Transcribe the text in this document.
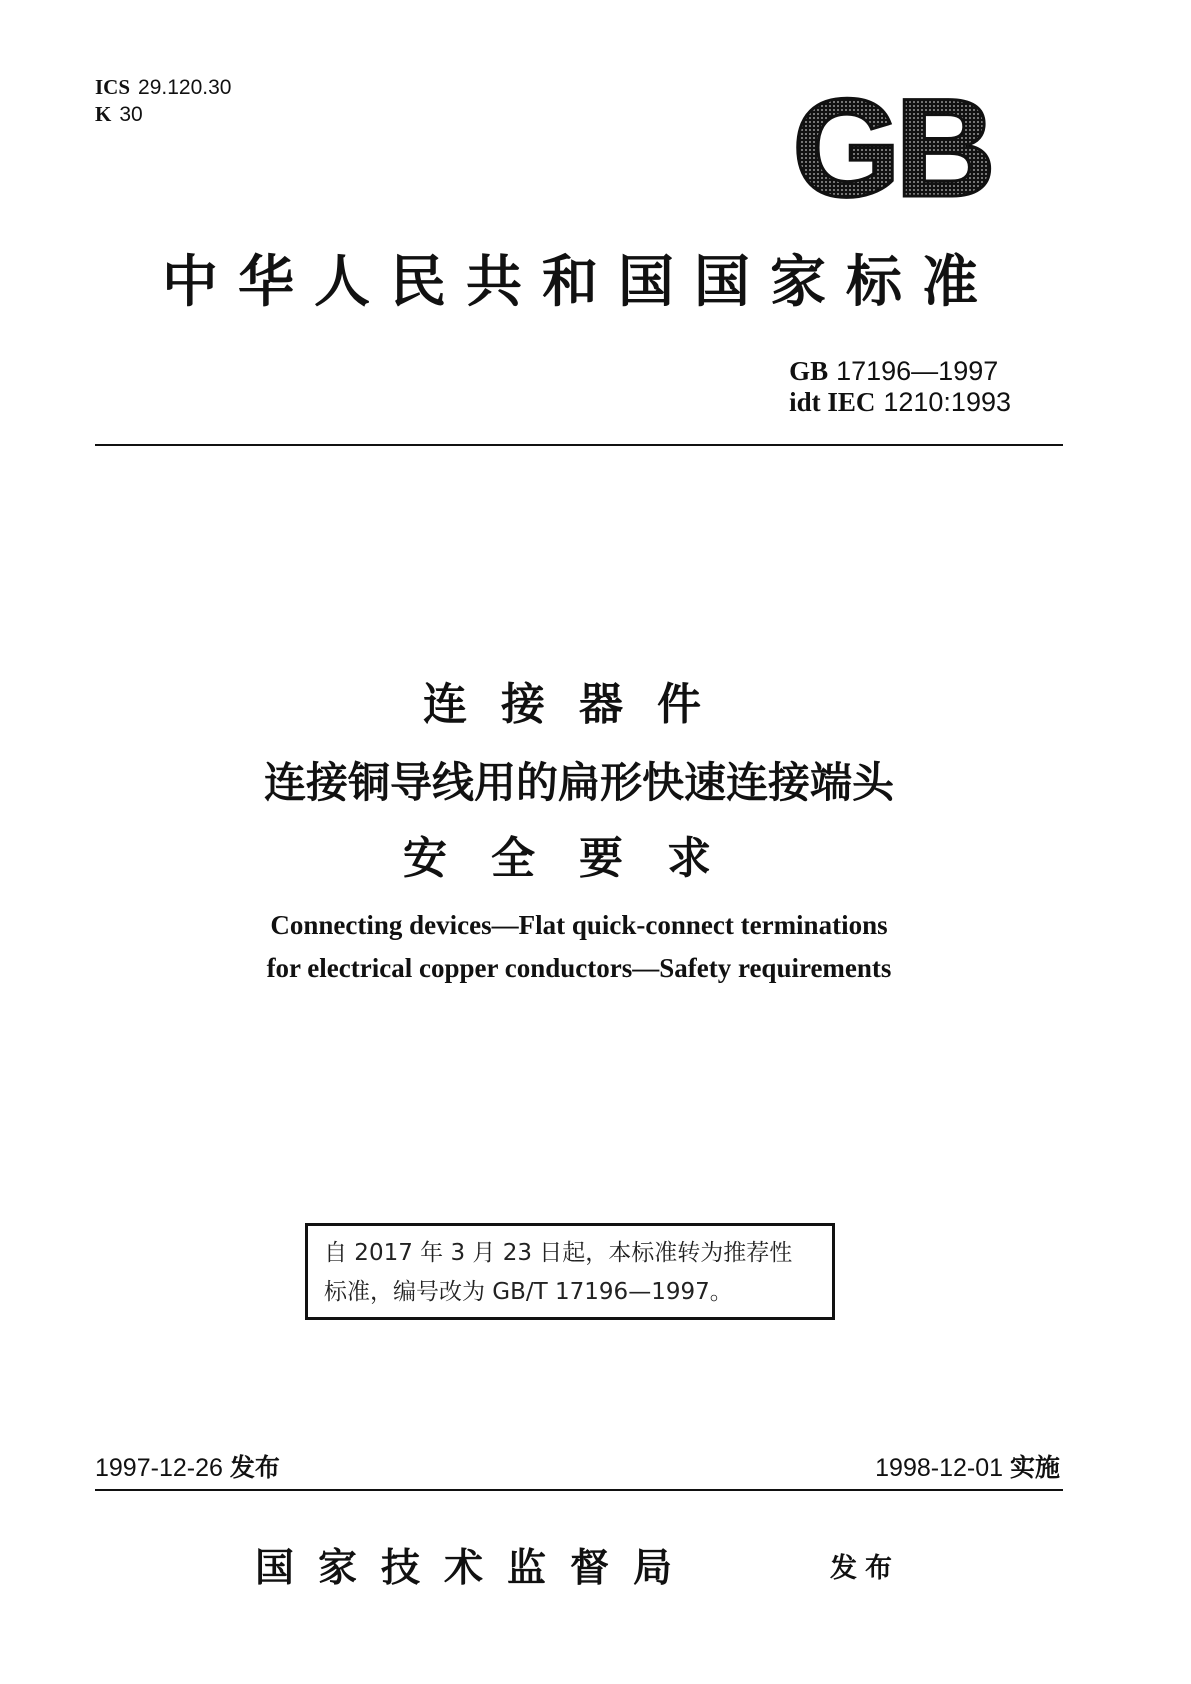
ICS 29.120.30
K 30	GB
中华人民共和国国家标准
GB 17196—1997
idt IEC 1210:1993
连接器件
连接铜导线用的扁形快速连接端头
安全要求
Connecting devices—Flat quick-connect terminations
for electrical copper conductors—Safety requirements
自 2017 年 3 月 23 日起，本标准转为推荐性
标准，编号改为 GB/T 17196—1997。
1997-12-26 发布	1998-12-01 实施
国家技术监督局	发布
